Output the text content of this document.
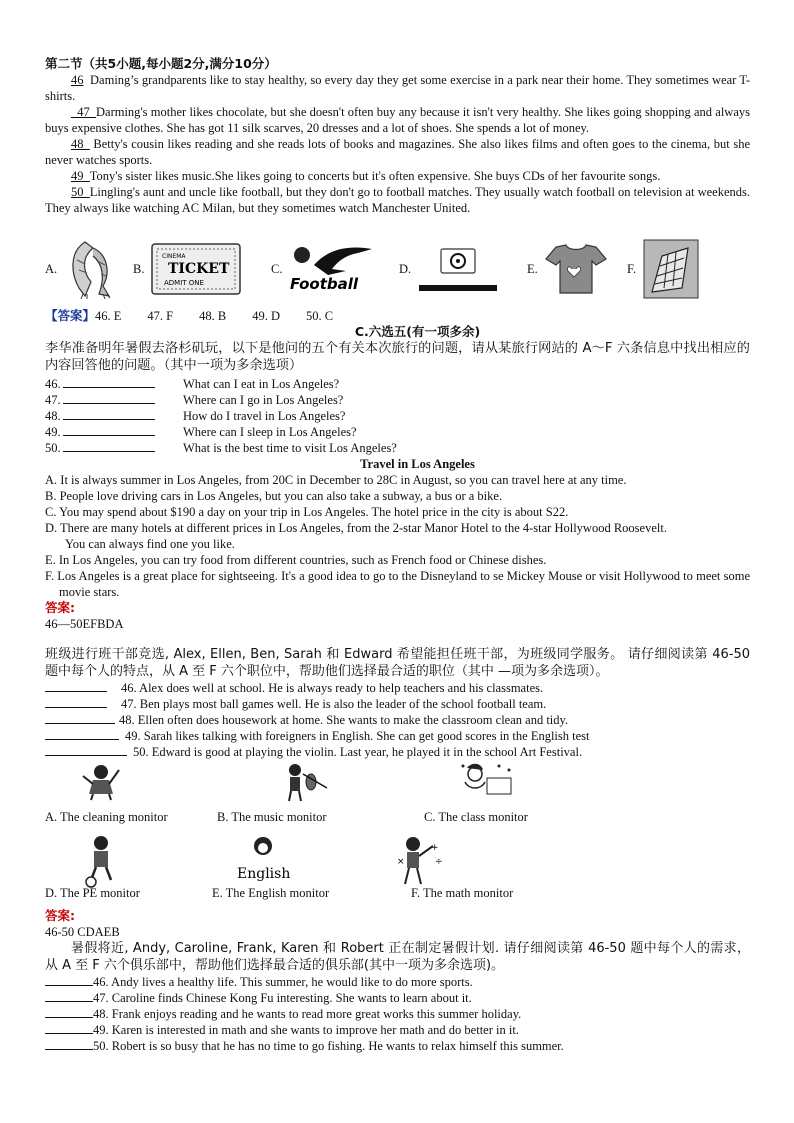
第二节（共5小题,每小题2分,满分10分）

46 Daming’s grandparents like to stay healthy, so every day they get some exercise in a park near their home. They sometimes wear T-shirts.

_47_Darming's mother likes chocolate, but she doesn't often buy any because it isn't very healthy. She likes going shopping and always buys expensive clothes. She has got 11 silk scarves, 20 dresses and a lot of shoes. She spends a lot of money.

48_ Betty's cousin likes reading and she reads lots of books and magazines. She also likes films and often goes to the cinema, but she never watches sports.

49_Tony's sister likes music.She likes going to concerts but it's often expensive. She buys CDs of her favourite songs.

50_Lingling's aunt and uncle like football, but they don't go to football matches. They usually watch football on television at weekends. They always like watching AC Milan, but they sometimes watch Manchester United.

A.	B.
CINEMA
TICKET
ADMIT ONE
C.
Football
D.	E.	F.

【答案】46. E 47. F 48. B 49. D 50. C

C.六选五(有一项多余)

李华准备明年暑假去洛杉矶玩，以下是他问的五个有关本次旅行的问题，请从某旅行网站的 A～F 六条信息中找出相应的内容回答他的问题。（其中一项为多余选项）

46.	What can I eat in Los Angeles?

47.	Where can I go in Los Angeles?

48.	How do I travel in Los Angeles?

49.	Where can I sleep in Los Angeles?

50.	What is the best time to visit Los Angeles?

Travel in Los Angeles

A. It is always summer in Los Angeles, from 20C in December to 28C in August, so you can travel here at any time.

B. People love driving cars in Los Angeles, but you can also take a subway, a bus or a bike.

C. You may spend about $190 a day on your trip in Los Angeles. The hotel price in the city is about S22.

D. There are many hotels at different prices in Los Angeles, from the 2-star Manor Hotel to the 4-star Hollywood Roosevelt.

You can always find one you like.

E. In Los Angeles, you can try food from different countries, such as French food or Chinese dishes.

F. Los Angeles is a great place for sightseeing. It's a good idea to go to the Disneyland to se Mickey Mouse or visit Hollywood to meet some movie stars.

答案:

46—50EFBDA

班级进行班干部竞选, Alex, Ellen, Ben, Sarah 和 Edward 希望能担任班干部，为班级同学服务。 请仔细阅读第 46-50 题中每个人的特点，从 A 至 F 六个职位中，帮助他们选择最合适的职位（其中 —项为多余选项）。

46. Alex does well at school. He is always ready to help teachers and his classmates.

47. Ben plays most ball games well. He is also the leader of the school football team.

48. Ellen often does housework at home. She wants to make the classroom clean and tidy.

49. Sarah likes talking with foreigners in English. She can get good scores in the English test

50. Edward is good at playing the violin. Last year, he played it in the school Art Festival.

A. The cleaning monitor	B. The music monitor	C. The class monitor
English
+
÷
×
D. The PE monitor	E. The English monitor	F. The math monitor

答案:

46-50 CDAEB

暑假将近, Andy, Caroline, Frank, Karen 和 Robert 正在制定暑假计划. 请仔细阅读第 46-50 题中每个人的需求，从 A 至 F 六个俱乐部中，帮助他们选择最合适的俱乐部(其中一项为多余选项)。

46. Andy lives a healthy life. This summer, he would like to do more sports.

47. Caroline finds Chinese Kong Fu interesting. She wants to learn about it.

48. Frank enjoys reading and he wants to read more great works this summer holiday.

49. Karen is interested in math and she wants to improve her math and do better in it.

50. Robert is so busy that he has no time to go fishing. He wants to relax himself this summer.
